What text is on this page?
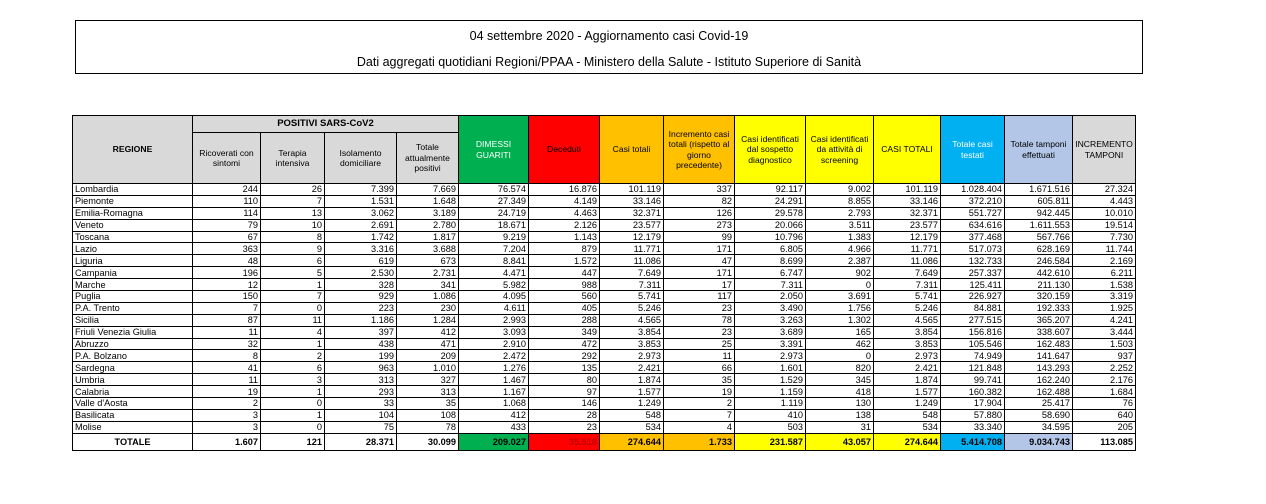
04 settembre 2020 - Aggiornamento casi Covid-19
Dati aggregati quotidiani Regioni/PPAA - Ministero della Salute - Istituto Superiore di Sanità
REGIONE	POSITIVI SARS-CoV2				DIMESSI GUARITI	Deceduti	Casi totali	Incremento casi totali (rispetto al giorno precedente)	Casi identificati dal sospetto diagnostico	Casi identificati da attività di screening	CASI TOTALI	Totale casi testati	Totale tamponi effettuati	INCREMENTO TAMPONI
	Ricoverati con sintomi	Terapia intensiva	Isolamento domiciliare	Totale attualmente positivi										
Lombardia	244	26	7.399	7.669	76.574	16.876	101.119	337	92.117	9.002	101.119	1.028.404	1.671.516	27.324
Piemonte	110	7	1.531	1.648	27.349	4.149	33.146	82	24.291	8.855	33.146	372.210	605.811	4.443
Emilia-Romagna	114	13	3.062	3.189	24.719	4.463	32.371	126	29.578	2.793	32.371	551.727	942.445	10.010
Veneto	79	10	2.691	2.780	18.671	2.126	23.577	273	20.066	3.511	23.577	634.616	1.611.553	19.514
Toscana	67	8	1.742	1.817	9.219	1.143	12.179	99	10.796	1.383	12.179	377.468	567.766	7.730
Lazio	363	9	3.316	3.688	7.204	879	11.771	171	6.805	4.966	11.771	517.073	628.169	11.744
Liguria	48	6	619	673	8.841	1.572	11.086	47	8.699	2.387	11.086	132.733	246.584	2.169
Campania	196	5	2.530	2.731	4.471	447	7.649	171	6.747	902	7.649	257.337	442.610	6.211
Marche	12	1	328	341	5.982	988	7.311	17	7.311	0	7.311	125.411	211.130	1.538
Puglia	150	7	929	1.086	4.095	560	5.741	117	2.050	3.691	5.741	226.927	320.159	3.319
P.A. Trento	7	0	223	230	4.611	405	5.246	23	3.490	1.756	5.246	84.881	192.333	1.925
Sicilia	87	11	1.186	1.284	2.993	288	4.565	78	3.263	1.302	4.565	277.515	365.207	4.241
Friuli Venezia Giulia	11	4	397	412	3.093	349	3.854	23	3.689	165	3.854	156.816	338.607	3.444
Abruzzo	32	1	438	471	2.910	472	3.853	25	3.391	462	3.853	105.546	162.483	1.503
P.A. Bolzano	8	2	199	209	2.472	292	2.973	11	2.973	0	2.973	74.949	141.647	937
Sardegna	41	6	963	1.010	1.276	135	2.421	66	1.601	820	2.421	121.848	143.293	2.252
Umbria	11	3	313	327	1.467	80	1.874	35	1.529	345	1.874	99.741	162.240	2.176
Calabria	19	1	293	313	1.167	97	1.577	19	1.159	418	1.577	160.382	162.488	1.684
Valle d'Aosta	2	0	33	35	1.068	146	1.249	2	1.119	130	1.249	17.904	25.417	76
Basilicata	3	1	104	108	412	28	548	7	410	138	548	57.880	58.690	640
Molise	3	0	75	78	433	23	534	4	503	31	534	33.340	34.595	205
TOTALE	1.607	121	28.371	30.099	209.027	35.518	274.644	1.733	231.587	43.057	274.644	5.414.708	9.034.743	113.085
